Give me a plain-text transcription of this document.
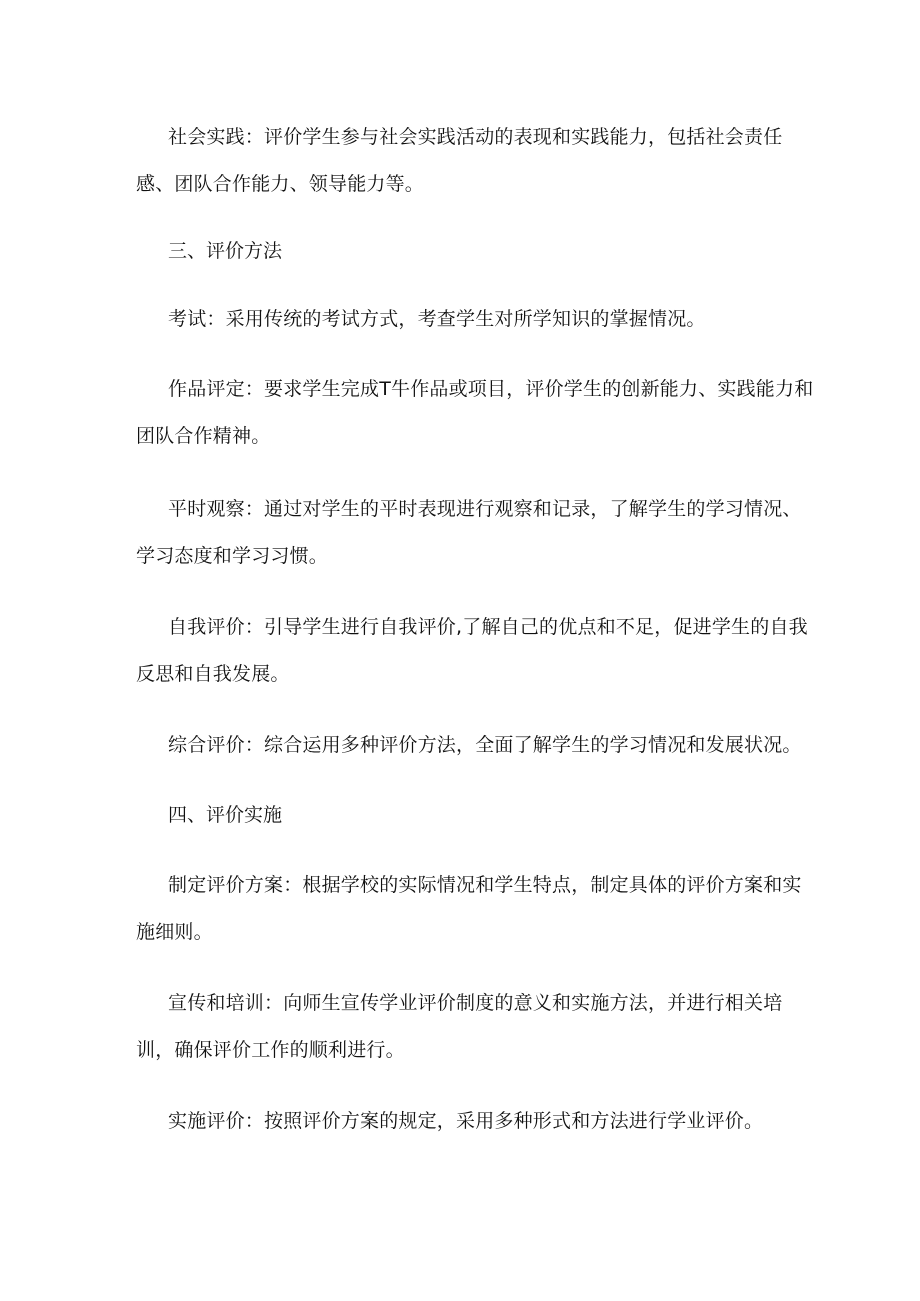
社会实践：评价学生参与社会实践活动的表现和实践能力，包括社会责任感、团队合作能力、领导能力等。

三、评价方法

考试：采用传统的考试方式，考查学生对所学知识的掌握情况。

作品评定：要求学生完成T牛作品或项目，评价学生的创新能力、实践能力和团队合作精神。

平时观察：通过对学生的平时表现进行观察和记录，了解学生的学习情况、学习态度和学习习惯。

自我评价：引导学生进行自我评价,了解自己的优点和不足，促进学生的自我反思和自我发展。

综合评价：综合运用多种评价方法，全面了解学生的学习情况和发展状况。

四、评价实施

制定评价方案：根据学校的实际情况和学生特点，制定具体的评价方案和实施细则。

宣传和培训：向师生宣传学业评价制度的意义和实施方法，并进行相关培训，确保评价工作的顺利进行。

实施评价：按照评价方案的规定，采用多种形式和方法进行学业评价。
